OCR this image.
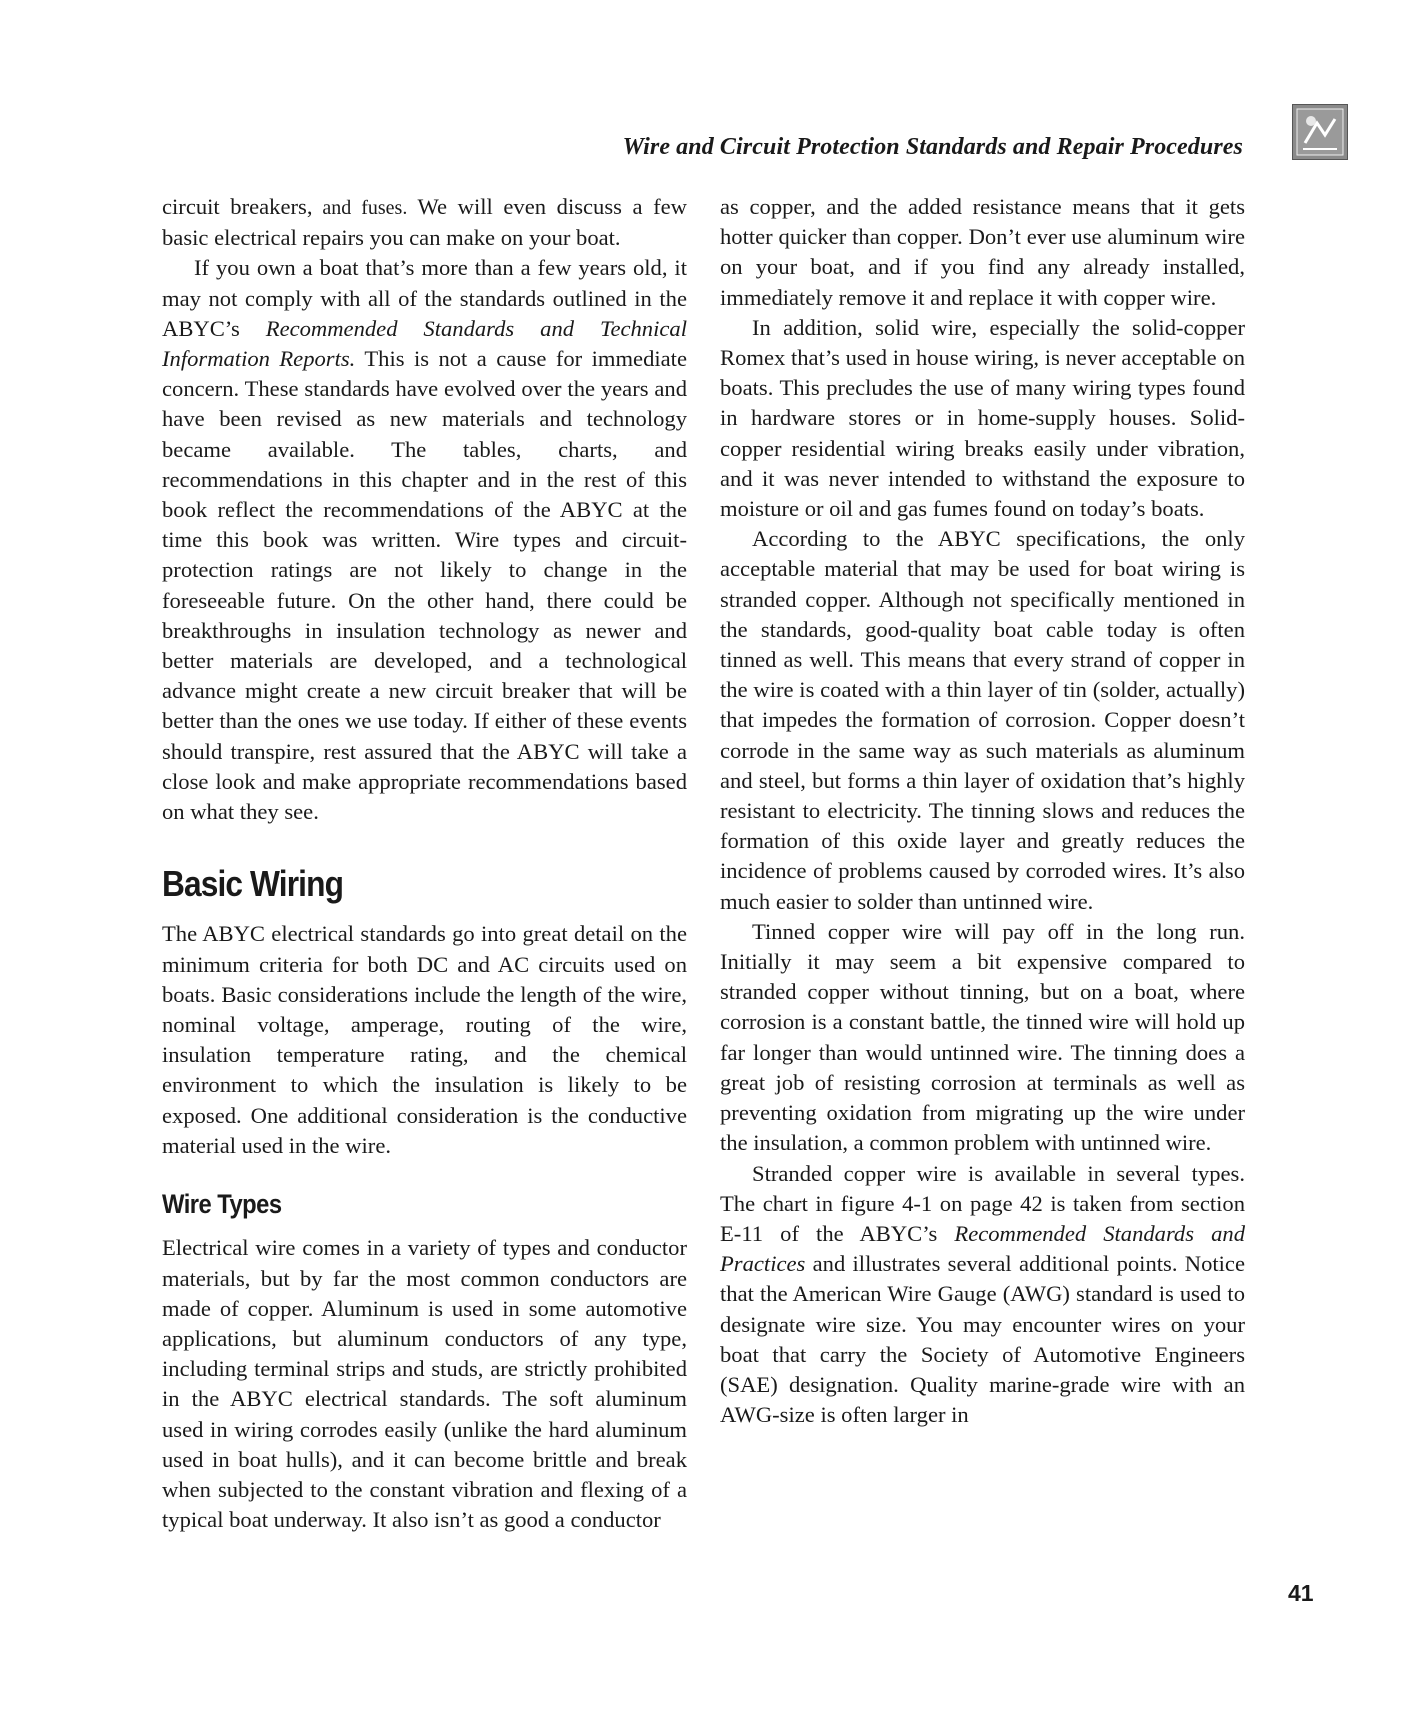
Wire and Circuit Protection Standards and Repair Procedures

circuit breakers, and fuses. We will even discuss a few basic electrical repairs you can make on your boat.

If you own a boat that’s more than a few years old, it may not comply with all of the standards outlined in the ABYC’s Recommended Standards and Technical Information Reports. This is not a cause for immediate concern. These standards have evolved over the years and have been revised as new materials and technology became available. The tables, charts, and recommendations in this chapter and in the rest of this book reflect the recommendations of the ABYC at the time this book was written. Wire types and circuit-protection ratings are not likely to change in the foreseeable future. On the other hand, there could be breakthroughs in insulation technology as newer and better materials are developed, and a technological advance might create a new circuit breaker that will be better than the ones we use today. If either of these events should transpire, rest assured that the ABYC will take a close look and make appropriate recommendations based on what they see.

Basic Wiring

The ABYC electrical standards go into great detail on the minimum criteria for both DC and AC circuits used on boats. Basic considerations include the length of the wire, nominal voltage, amperage, routing of the wire, insulation temperature rating, and the chemical environment to which the insulation is likely to be exposed. One additional consideration is the conductive material used in the wire.

Wire Types

Electrical wire comes in a variety of types and conductor materials, but by far the most common conductors are made of copper. Aluminum is used in some automotive applications, but aluminum conductors of any type, including terminal strips and studs, are strictly prohibited in the ABYC electrical standards. The soft aluminum used in wiring corrodes easily (unlike the hard aluminum used in boat hulls), and it can become brittle and break when subjected to the constant vibration and flexing of a typical boat underway. It also isn’t as good a conductor

as copper, and the added resistance means that it gets hotter quicker than copper. Don’t ever use aluminum wire on your boat, and if you find any already installed, immediately remove it and replace it with copper wire.

In addition, solid wire, especially the solid-copper Romex that’s used in house wiring, is never acceptable on boats. This precludes the use of many wiring types found in hardware stores or in home-supply houses. Solid-copper residential wiring breaks easily under vibration, and it was never intended to withstand the exposure to moisture or oil and gas fumes found on today’s boats.

According to the ABYC specifications, the only acceptable material that may be used for boat wiring is stranded copper. Although not specifically mentioned in the standards, good-quality boat cable today is often tinned as well. This means that every strand of copper in the wire is coated with a thin layer of tin (solder, actually) that impedes the formation of corrosion. Copper doesn’t corrode in the same way as such materials as aluminum and steel, but forms a thin layer of oxidation that’s highly resistant to electricity. The tinning slows and reduces the formation of this oxide layer and greatly reduces the incidence of problems caused by corroded wires. It’s also much easier to solder than untinned wire.

Tinned copper wire will pay off in the long run. Initially it may seem a bit expensive compared to stranded copper without tinning, but on a boat, where corrosion is a constant battle, the tinned wire will hold up far longer than would untinned wire. The tinning does a great job of resisting corrosion at terminals as well as preventing oxidation from migrating up the wire under the insulation, a common problem with untinned wire.

Stranded copper wire is available in several types. The chart in figure 4-1 on page 42 is taken from section E-11 of the ABYC’s Recommended Standards and Practices and illustrates several additional points. Notice that the American Wire Gauge (AWG) standard is used to designate wire size. You may encounter wires on your boat that carry the Society of Automotive Engineers (SAE) designation. Quality marine-grade wire with an AWG-size is often larger in

41
